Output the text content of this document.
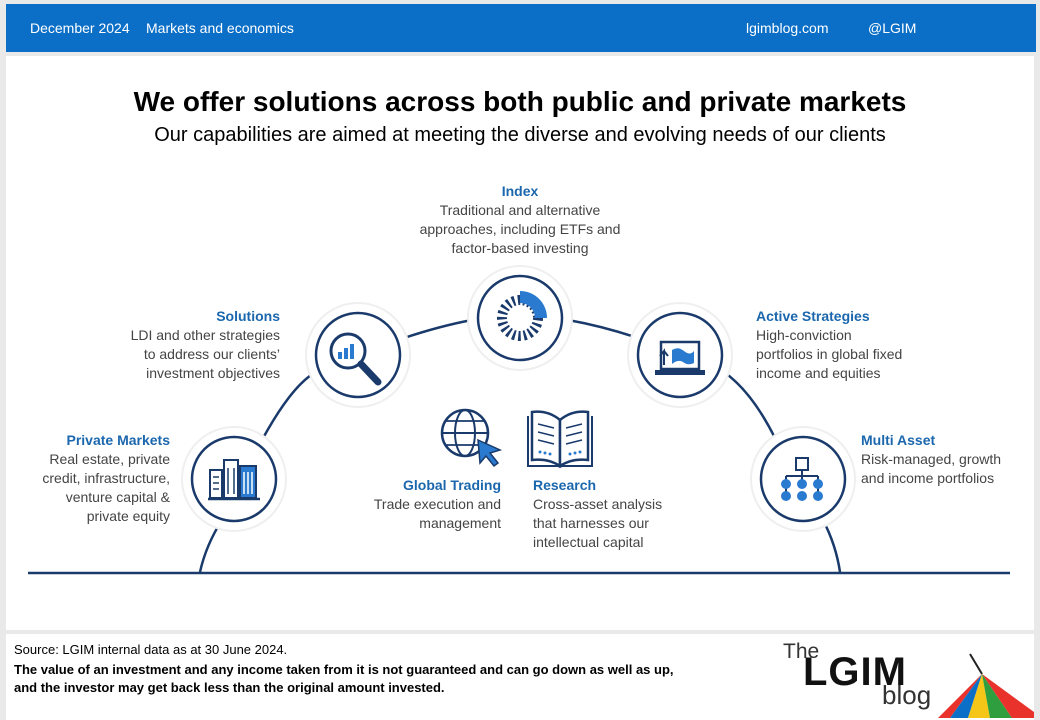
December 2024 Markets and economics	lgimblog.com	@LGIM
We offer solutions across both public and private markets
Our capabilities are aimed at meeting the diverse and evolving needs of our clients
Index
Traditional and alternative
approaches, including ETFs and
factor-based investing
Solutions
LDI and other strategies
to address our clients’
investment objectives
Active Strategies
High-conviction
portfolios in global fixed
income and equities
Private Markets
Real estate, private
credit, infrastructure,
venture capital &
private equity
Multi Asset
Risk-managed, growth
and income portfolios
Global Trading
Trade execution and
management
Research
Cross-asset analysis
that harnesses our
intellectual capital
Source: LGIM internal data as at 30 June 2024.
The value of an investment and any income taken from it is not guaranteed and can go down as well as up,
and the investor may get back less than the original amount invested.
The
LGIM
blog
